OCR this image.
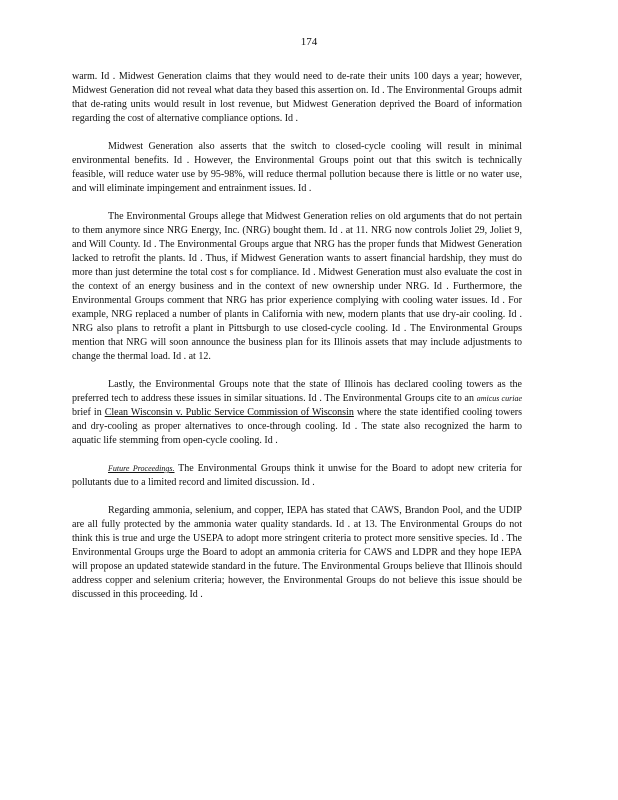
174

warm. Id . Midwest Generation claims that they would need to de-rate their units 100 days a year; however, Midwest Generation did not reveal what data they based this assertion on. Id . The Environmental Groups admit that de-rating units would result in lost revenue, but Midwest Generation deprived the Board of information regarding the cost of alternative compliance options. Id .

Midwest Generation also asserts that the switch to closed-cycle cooling will result in minimal environmental benefits. Id . However, the Environmental Groups point out that this switch is technically feasible, will reduce water use by 95-98%, will reduce thermal pollution because there is little or no water use, and will eliminate impingement and entrainment issues. Id .

The Environmental Groups allege that Midwest Generation relies on old arguments that do not pertain to them anymore since NRG Energy, Inc. (NRG) bought them. Id . at 11. NRG now controls Joliet 29, Joliet 9, and Will County. Id . The Environmental Groups argue that NRG has the proper funds that Midwest Generation lacked to retrofit the plants. Id . Thus, if Midwest Generation wants to assert financial hardship, they must do more than just determine the total cost s for compliance. Id . Midwest Generation must also evaluate the cost in the context of an energy business and in the context of new ownership under NRG. Id . Furthermore, the Environmental Groups comment that NRG has prior experience complying with cooling water issues. Id . For example, NRG replaced a number of plants in California with new, modern plants that use dry-air cooling. Id . NRG also plans to retrofit a plant in Pittsburgh to use closed-cycle cooling. Id . The Environmental Groups mention that NRG will soon announce the business plan for its Illinois assets that may include adjustments to change the thermal load. Id . at 12.

Lastly, the Environmental Groups note that the state of Illinois has declared cooling towers as the preferred tech to address these issues in similar situations. Id . The Environmental Groups cite to an amicus curiae brief in Clean Wisconsin v. Public Service Commission of Wisconsin where the state identified cooling towers and dry-cooling as proper alternatives to once-through cooling. Id . The state also recognized the harm to aquatic life stemming from open-cycle cooling. Id .

Future Proceedings. The Environmental Groups think it unwise for the Board to adopt new criteria for pollutants due to a limited record and limited discussion. Id .

Regarding ammonia, selenium, and copper, IEPA has stated that CAWS, Brandon Pool, and the UDIP are all fully protected by the ammonia water quality standards. Id . at 13. The Environmental Groups do not think this is true and urge the USEPA to adopt more stringent criteria to protect more sensitive species. Id . The Environmental Groups urge the Board to adopt an ammonia criteria for CAWS and LDPR and they hope IEPA will propose an updated statewide standard in the future. The Environmental Groups believe that Illinois should address copper and selenium criteria; however, the Environmental Groups do not believe this issue should be discussed in this proceeding. Id .
